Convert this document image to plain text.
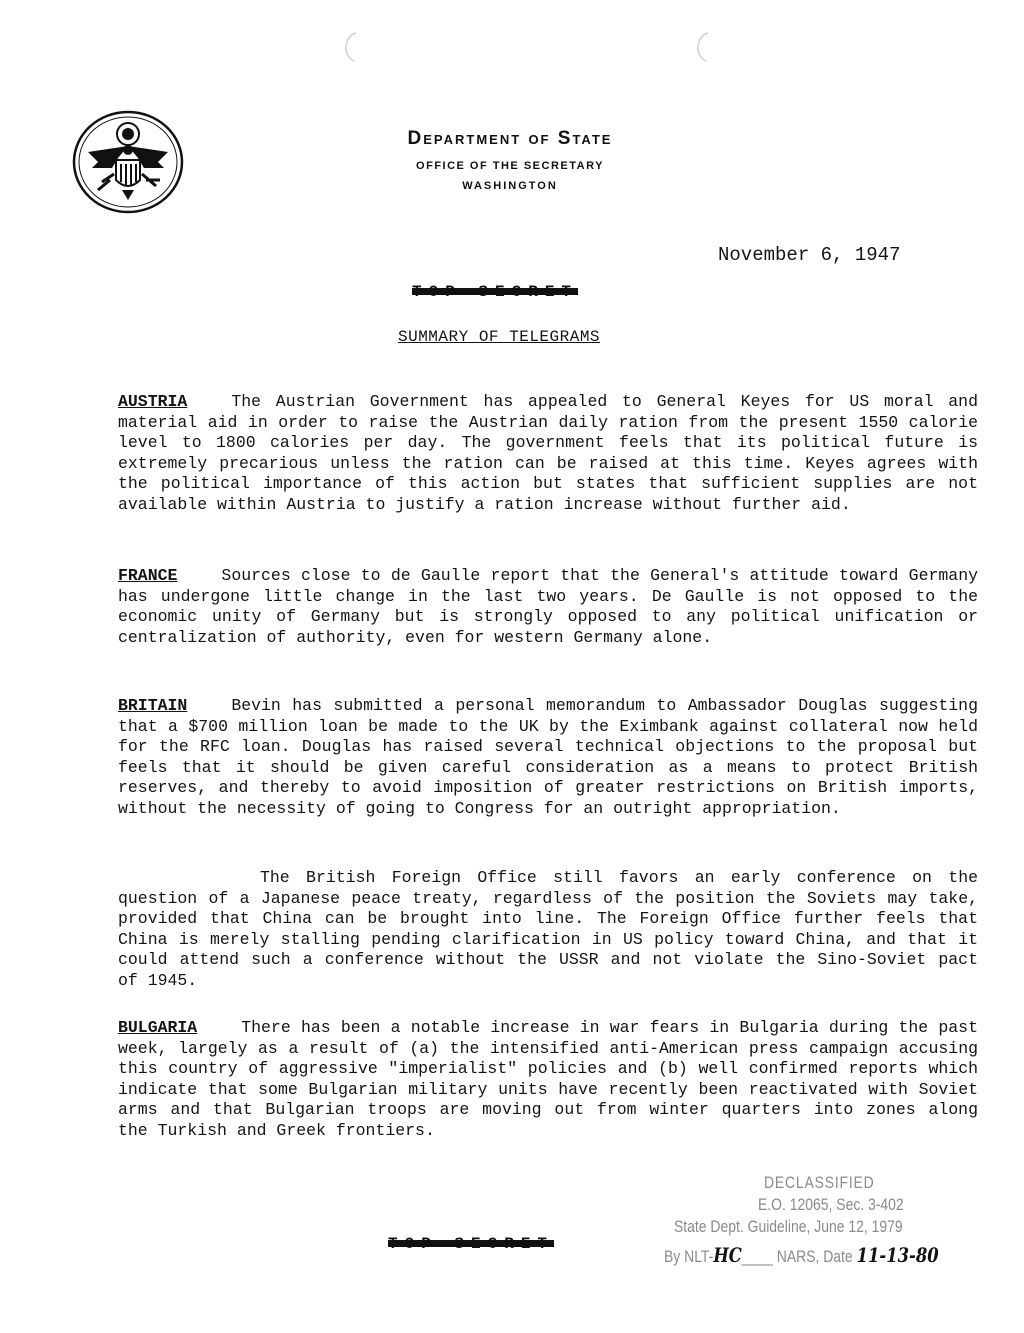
Department of State

OFFICE OF THE SECRETARY

WASHINGTON

November 6, 1947
TOP SECRET
SUMMARY OF TELEGRAMS

AUSTRIA	The Austrian Government has appealed to General Keyes for US moral and material aid in order to raise the Austrian daily ration from the present 1550 calorie level to 1800 calories per day. The government feels that its political future is extremely precarious unless the ration can be raised at this time. Keyes agrees with the political importance of this action but states that sufficient supplies are not available within Austria to justify a ration increase without further aid.

FRANCE	Sources close to de Gaulle report that the General's attitude toward Germany has undergone little change in the last two years. De Gaulle is not opposed to the economic unity of Germany but is strongly opposed to any political unification or centralization of authority, even for western Germany alone.

BRITAIN	Bevin has submitted a personal memorandum to Ambassador Douglas suggesting that a $700 million loan be made to the UK by the Eximbank against collateral now held for the RFC loan. Douglas has raised several technical objections to the proposal but feels that it should be given careful consideration as a means to protect British reserves, and thereby to avoid imposition of greater restrictions on British imports, without the necessity of going to Congress for an outright appropriation.

The British Foreign Office still favors an early conference on the question of a Japanese peace treaty, regardless of the position the Soviets may take, provided that China can be brought into line. The Foreign Office further feels that China is merely stalling pending clarification in US policy toward China, and that it could attend such a conference without the USSR and not violate the Sino-Soviet pact of 1945.

BULGARIA	There has been a notable increase in war fears in Bulgaria during the past week, largely as a result of (a) the intensified anti-American press campaign accusing this country of aggressive "imperialist" policies and (b) well confirmed reports which indicate that some Bulgarian military units have recently been reactivated with Soviet arms and that Bulgarian troops are moving out from winter quarters into zones along the Turkish and Greek frontiers.

DECLASSIFIED
E.O. 12065, Sec. 3-402
State Dept. Guideline, June 12, 1979
By NLT-HC____ NARS, Date 11-13-80
TOP SECRET
